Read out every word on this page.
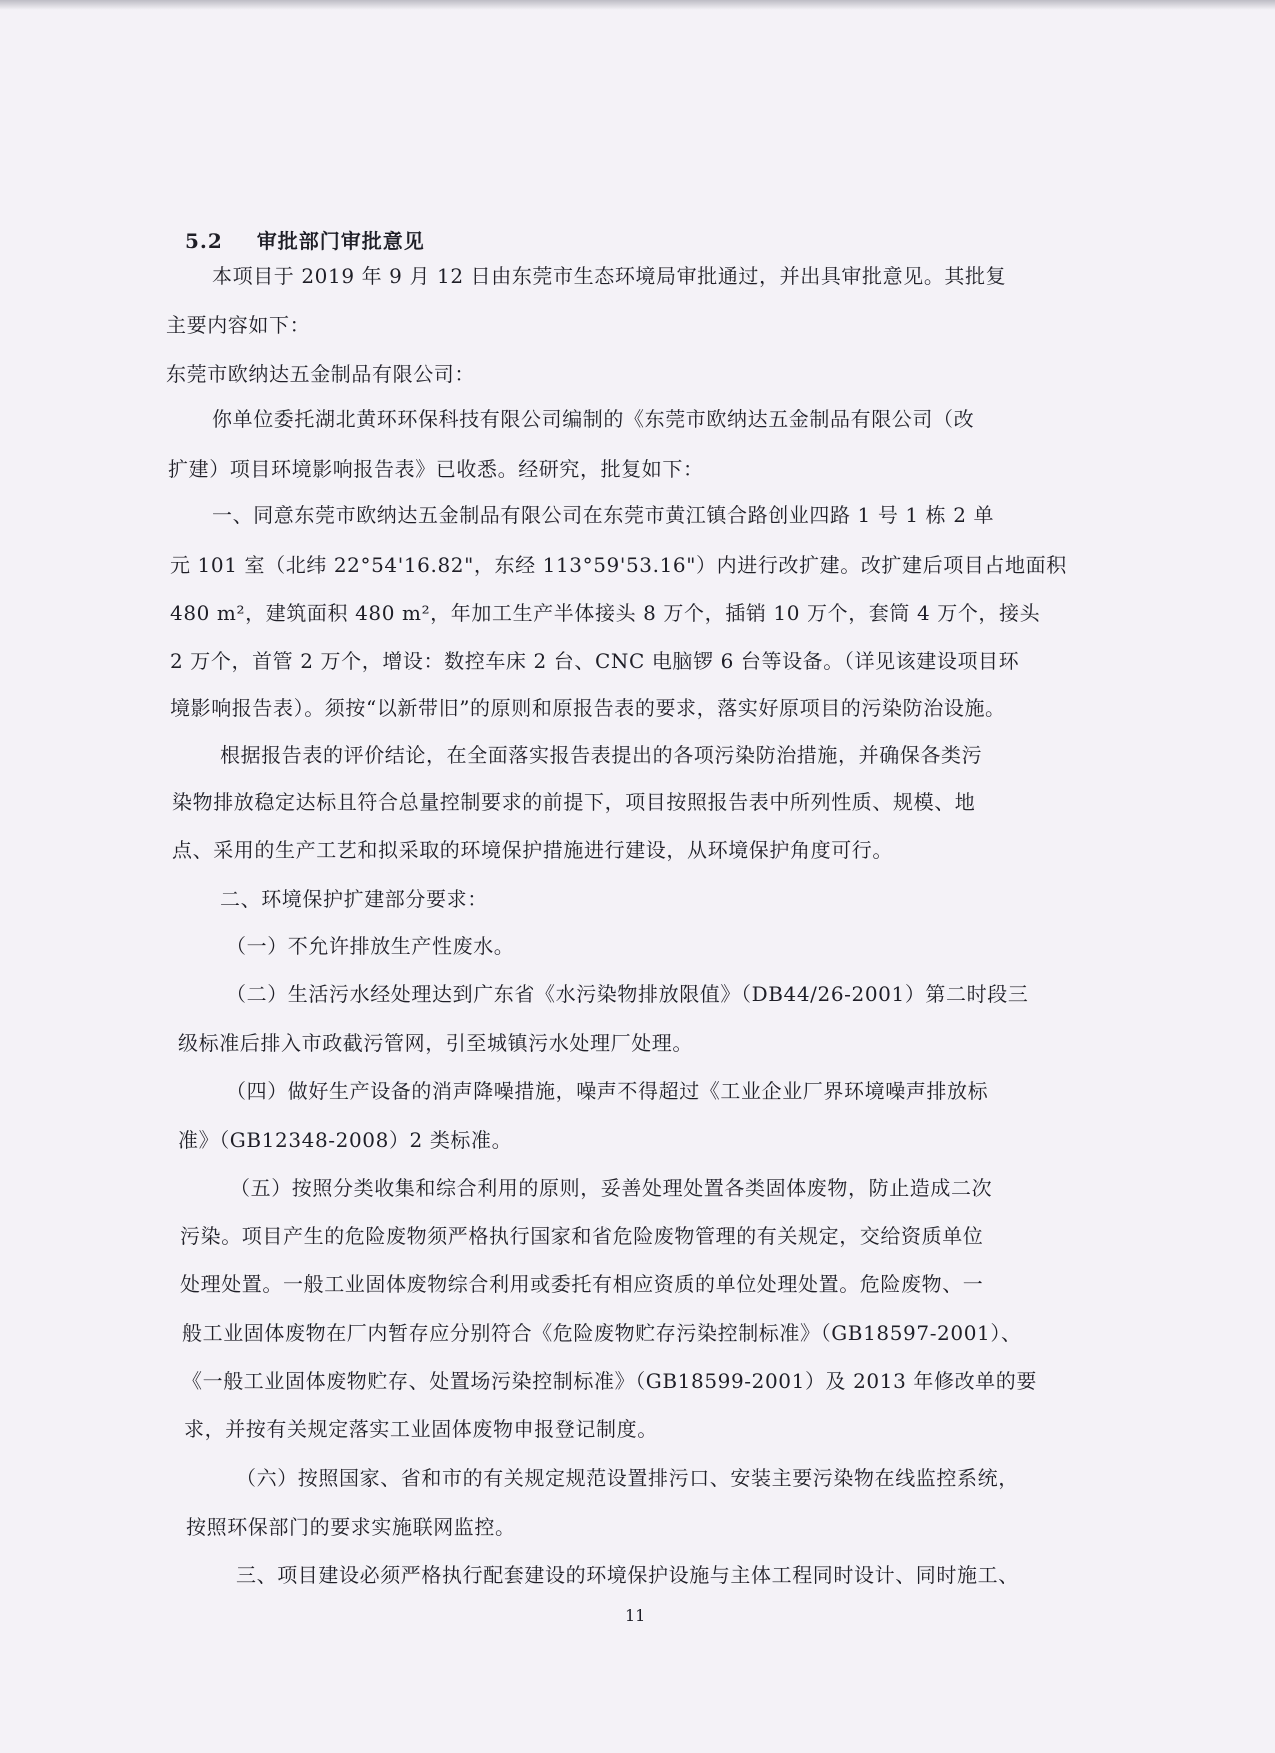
5.2 审批部门审批意见
本项目于 2019 年 9 月 12 日由东莞市生态环境局审批通过，并出具审批意见。其批复
主要内容如下：
东莞市欧纳达五金制品有限公司：
你单位委托湖北黄环环保科技有限公司编制的《东莞市欧纳达五金制品有限公司（改
扩建）项目环境影响报告表》已收悉。经研究，批复如下：
一、同意东莞市欧纳达五金制品有限公司在东莞市黄江镇合路创业四路 1 号 1 栋 2 单
元 101 室（北纬 22°54'16.82"，东经 113°59'53.16"）内进行改扩建。改扩建后项目占地面积
480 m²，建筑面积 480 m²，年加工生产半体接头 8 万个，插销 10 万个，套筒 4 万个，接头
2 万个，首管 2 万个，增设：数控车床 2 台、CNC 电脑锣 6 台等设备。（详见该建设项目环
境影响报告表）。须按“以新带旧”的原则和原报告表的要求，落实好原项目的污染防治设施。
根据报告表的评价结论，在全面落实报告表提出的各项污染防治措施，并确保各类污
染物排放稳定达标且符合总量控制要求的前提下，项目按照报告表中所列性质、规模、地
点、采用的生产工艺和拟采取的环境保护措施进行建设，从环境保护角度可行。
二、环境保护扩建部分要求：
（一）不允许排放生产性废水。
（二）生活污水经处理达到广东省《水污染物排放限值》（DB44/26-2001）第二时段三
级标准后排入市政截污管网，引至城镇污水处理厂处理。
（四）做好生产设备的消声降噪措施，噪声不得超过《工业企业厂界环境噪声排放标
准》（GB12348-2008）2 类标准。
（五）按照分类收集和综合利用的原则，妥善处理处置各类固体废物，防止造成二次
污染。项目产生的危险废物须严格执行国家和省危险废物管理的有关规定，交给资质单位
处理处置。一般工业固体废物综合利用或委托有相应资质的单位处理处置。危险废物、一
般工业固体废物在厂内暂存应分别符合《危险废物贮存污染控制标准》（GB18597-2001）、
《一般工业固体废物贮存、处置场污染控制标准》（GB18599-2001）及 2013 年修改单的要
求，并按有关规定落实工业固体废物申报登记制度。
（六）按照国家、省和市的有关规定规范设置排污口、安装主要污染物在线监控系统，
按照环保部门的要求实施联网监控。
三、项目建设必须严格执行配套建设的环境保护设施与主体工程同时设计、同时施工、
11
